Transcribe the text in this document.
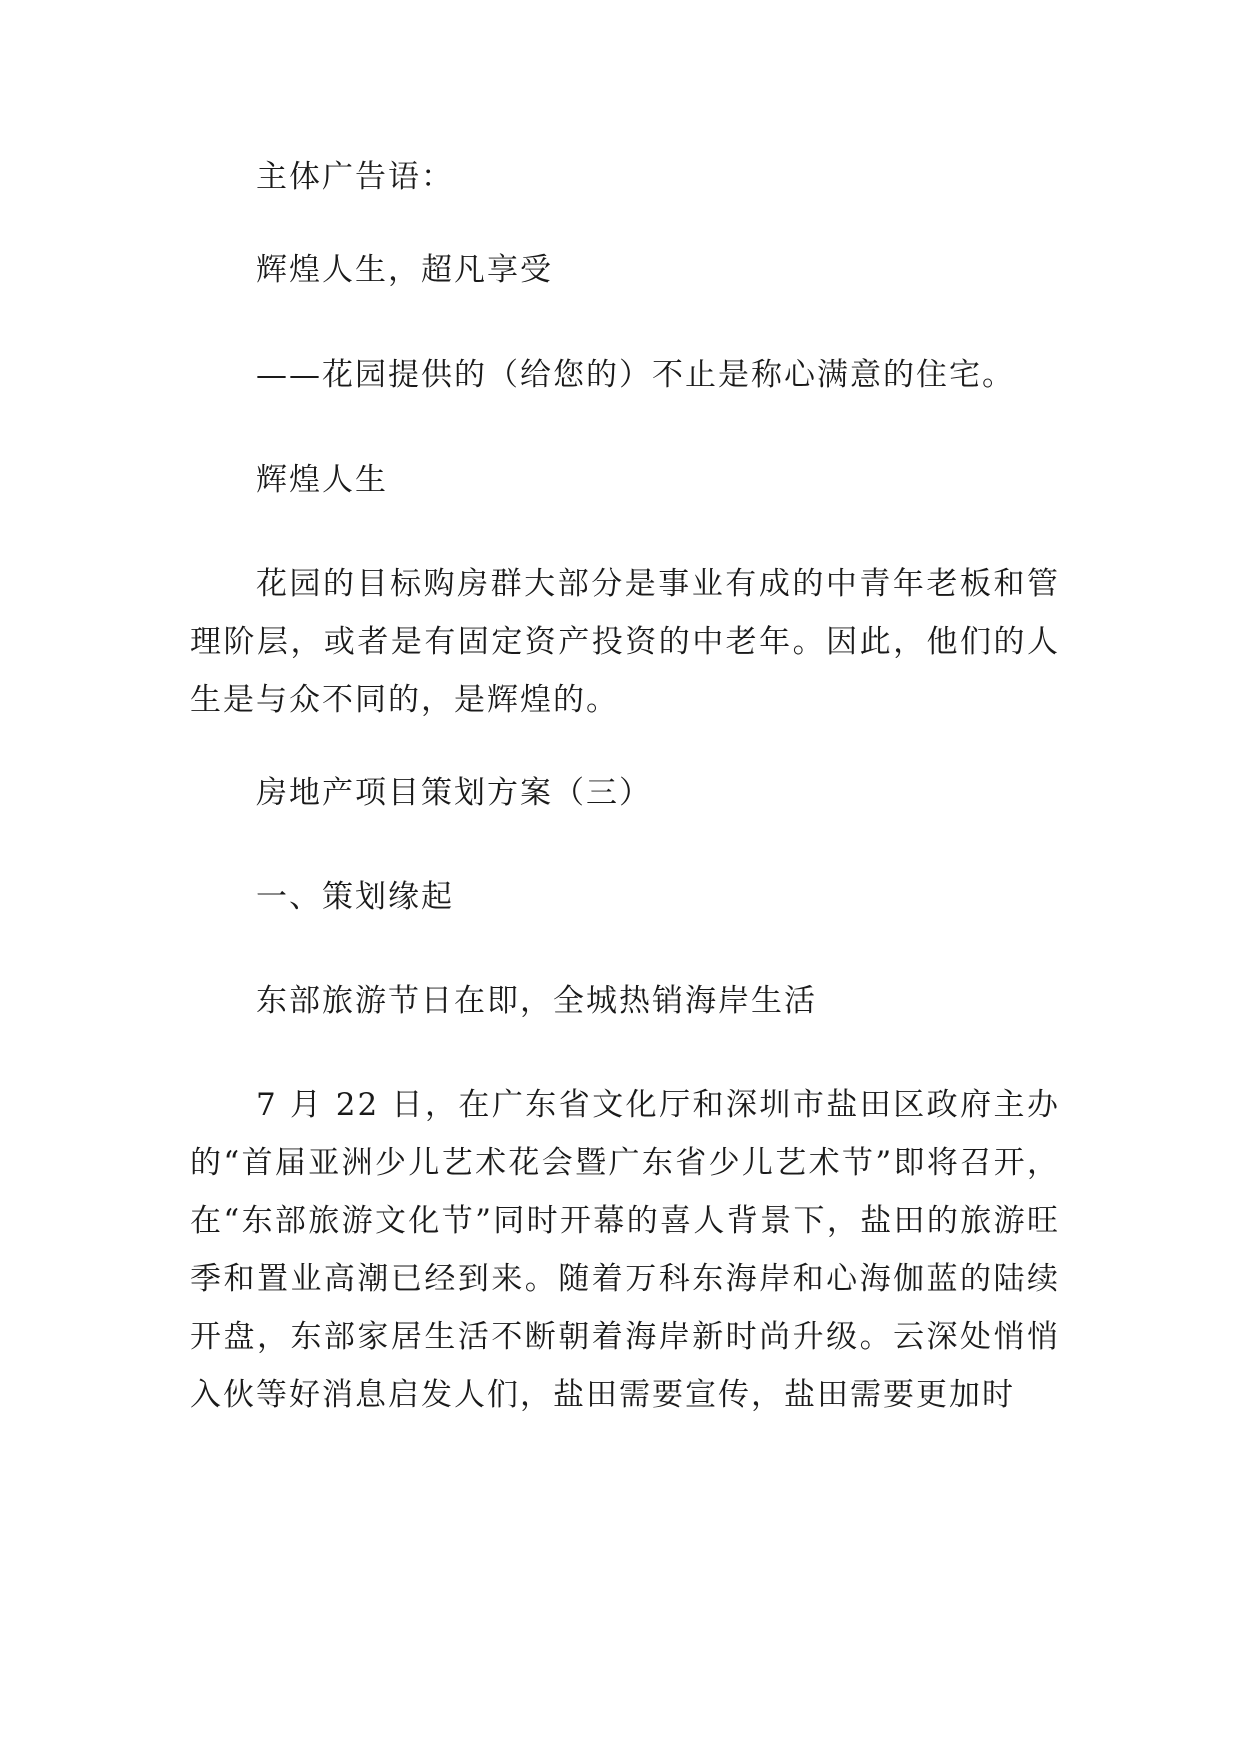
主体广告语：

辉煌人生，超凡享受

——花园提供的（给您的）不止是称心满意的住宅。

辉煌人生

花园的目标购房群大部分是事业有成的中青年老板和管理阶层，或者是有固定资产投资的中老年。因此，他们的人生是与众不同的，是辉煌的。

房地产项目策划方案（三）

一、策划缘起

东部旅游节日在即，全城热销海岸生活

7 月 22 日，在广东省文化厅和深圳市盐田区政府主办的“首届亚洲少儿艺术花会暨广东省少儿艺术节”即将召开，在“东部旅游文化节”同时开幕的喜人背景下，盐田的旅游旺季和置业高潮已经到来。随着万科东海岸和心海伽蓝的陆续开盘，东部家居生活不断朝着海岸新时尚升级。云深处悄悄入伙等好消息启发人们，盐田需要宣传，盐田需要更加时
